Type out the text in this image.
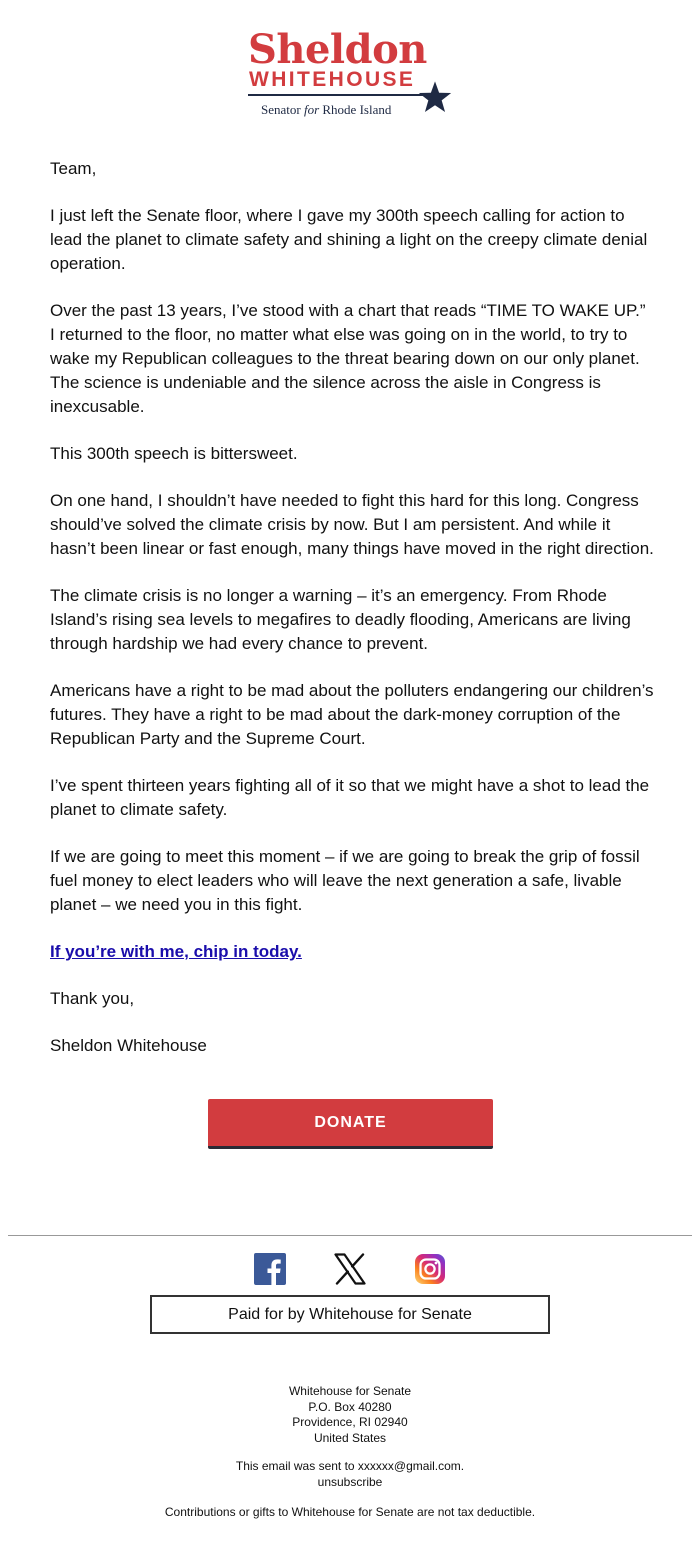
Sheldon
WHITEHOUSE
Senator for Rhode Island

Team,

I just left the Senate floor, where I gave my 300th speech calling for action to lead the planet to climate safety and shining a light on the creepy climate denial operation.

Over the past 13 years, I’ve stood with a chart that reads “TIME TO WAKE UP.” I returned to the floor, no matter what else was going on in the world, to try to wake my Republican colleagues to the threat bearing down on our only planet. The science is undeniable and the silence across the aisle in Congress is inexcusable.

This 300th speech is bittersweet.

On one hand, I shouldn’t have needed to fight this hard for this long. Congress should’ve solved the climate crisis by now. But I am persistent. And while it hasn’t been linear or fast enough, many things have moved in the right direction.

The climate crisis is no longer a warning – it’s an emergency. From Rhode Island’s rising sea levels to megafires to deadly flooding, Americans are living through hardship we had every chance to prevent.

Americans have a right to be mad about the polluters endangering our children’s futures. They have a right to be mad about the dark-money corruption of the Republican Party and the Supreme Court.

I’ve spent thirteen years fighting all of it so that we might have a shot to lead the planet to climate safety.

If we are going to meet this moment – if we are going to break the grip of fossil fuel money to elect leaders who will leave the next generation a safe, livable planet – we need you in this fight.

If you’re with me, chip in today.

Thank you,

Sheldon Whitehouse

DONATE
Paid for by Whitehouse for Senate
Whitehouse for Senate
P.O. Box 40280
Providence, RI 02940
United States
This email was sent to xxxxxx@gmail.com.
unsubscribe
Contributions or gifts to Whitehouse for Senate are not tax deductible.
